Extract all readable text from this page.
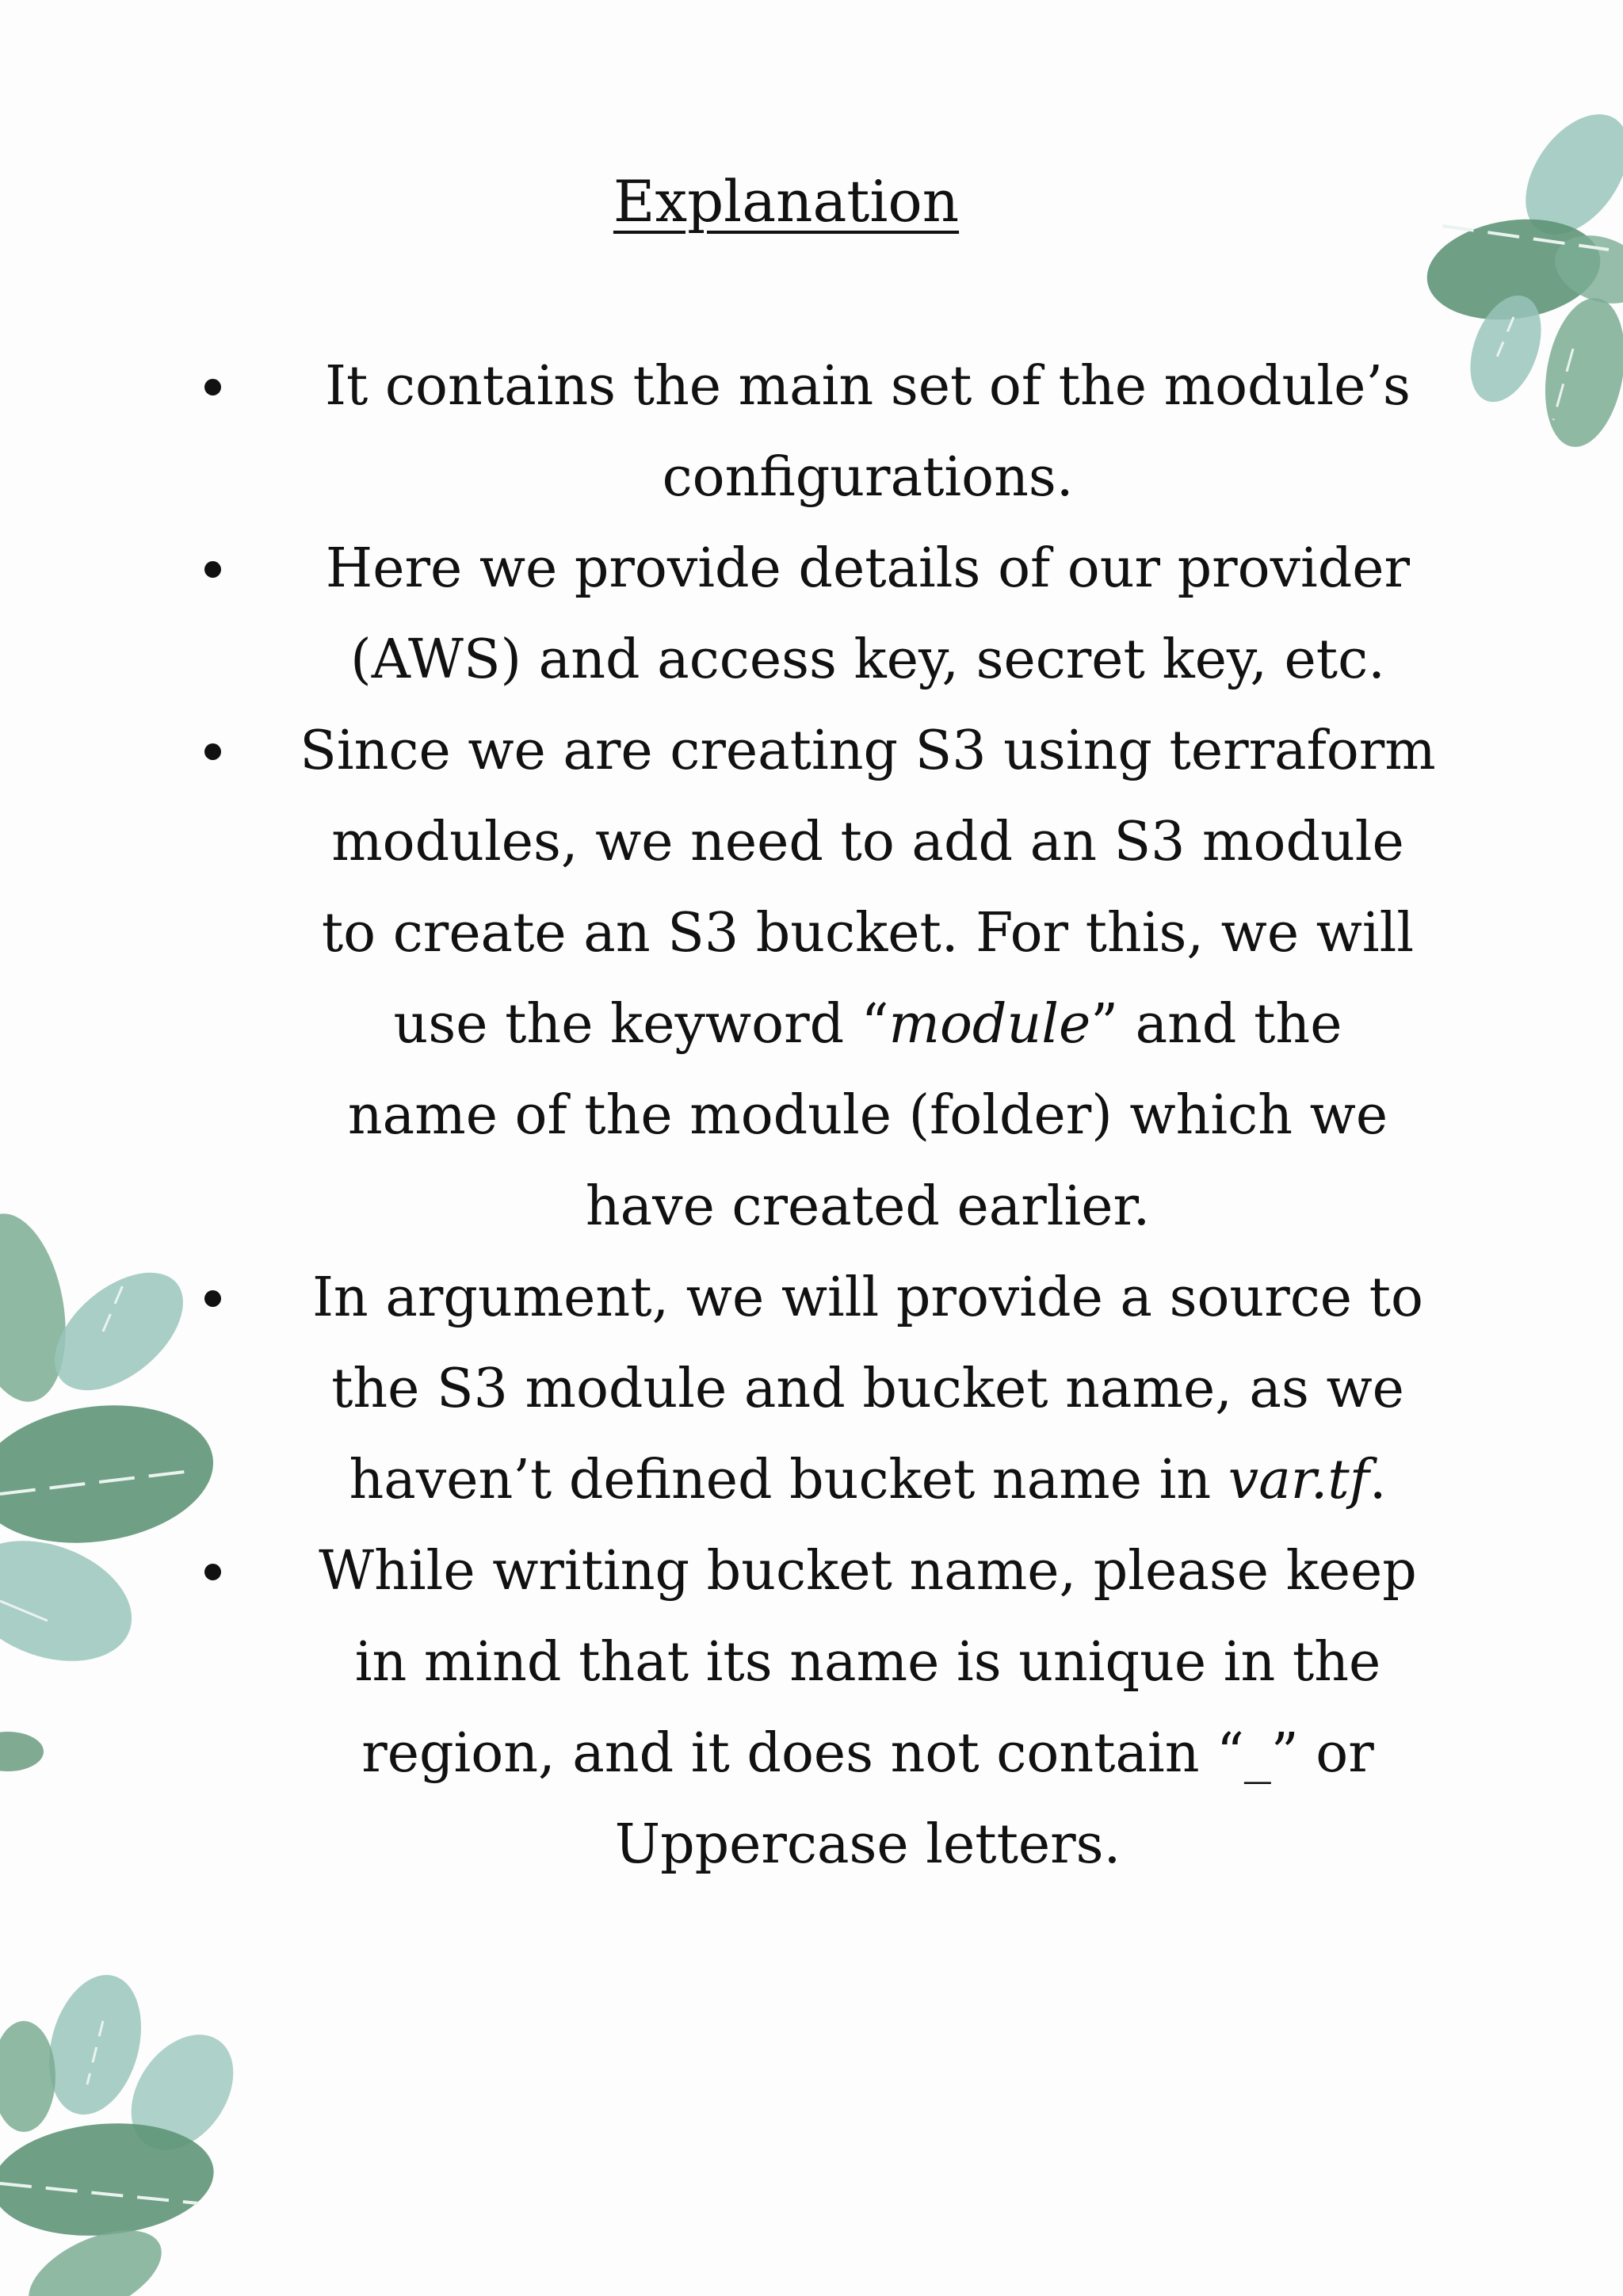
Explanation
It contains the main set of the module’s
configurations.
Here we provide details of our provider
(AWS) and access key, secret key, etc.
Since we are creating S3 using terraform
modules, we need to add an S3 module
to create an S3 bucket. For this, we will
use the keyword “module” and the
name of the module (folder) which we
have created earlier.
In argument, we will provide a source to
the S3 module and bucket name, as we
haven’t defined bucket name in var.tf.
While writing bucket name, please keep
in mind that its name is unique in the
region, and it does not contain “_” or
Uppercase letters.
